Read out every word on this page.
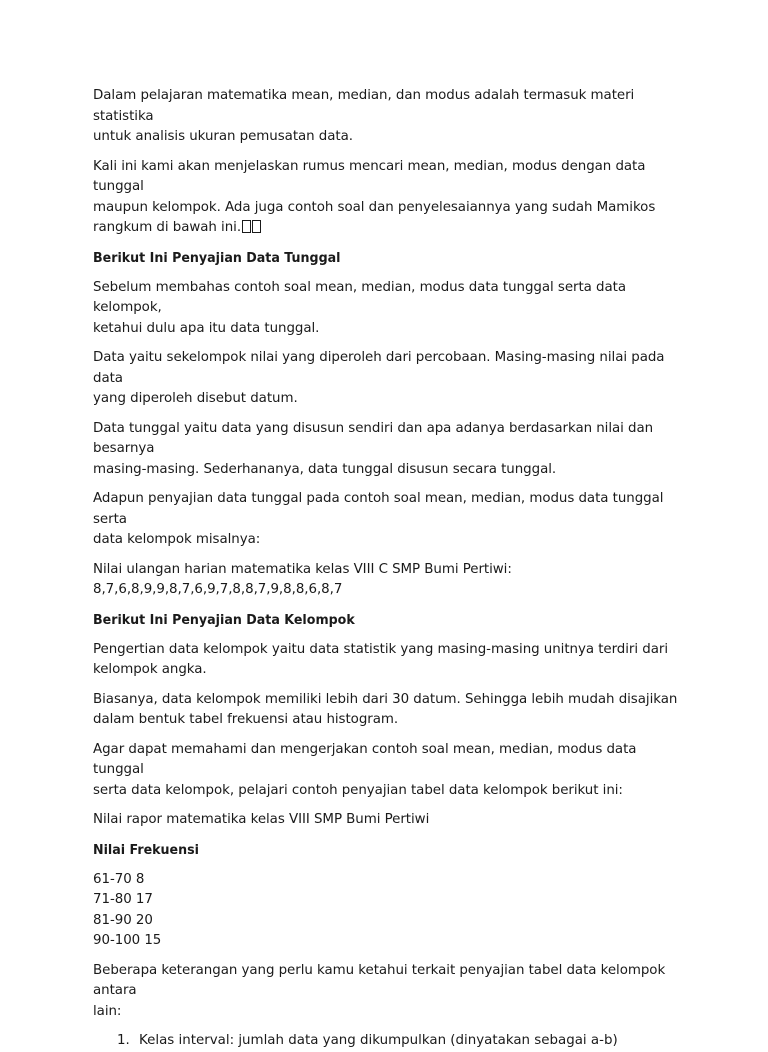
Dalam pelajaran matematika mean, median, dan modus adalah termasuk materi statistika
untuk analisis ukuran pemusatan data.

Kali ini kami akan menjelaskan rumus mencari mean, median, modus dengan data tunggal
maupun kelompok. Ada juga contoh soal dan penyelesaiannya yang sudah Mamikos
rangkum di bawah ini.

Berikut Ini Penyajian Data Tunggal

Sebelum membahas contoh soal mean, median, modus data tunggal serta data kelompok,
ketahui dulu apa itu data tunggal.

Data yaitu sekelompok nilai yang diperoleh dari percobaan. Masing-masing nilai pada data
yang diperoleh disebut datum.

Data tunggal yaitu data yang disusun sendiri dan apa adanya berdasarkan nilai dan besarnya
masing-masing. Sederhananya, data tunggal disusun secara tunggal.

Adapun penyajian data tunggal pada contoh soal mean, median, modus data tunggal serta
data kelompok misalnya:

Nilai ulangan harian matematika kelas VIII C SMP Bumi Pertiwi:
8,7,6,8,9,9,8,7,6,9,7,8,8,7,9,8,8,6,8,7

Berikut Ini Penyajian Data Kelompok

Pengertian data kelompok yaitu data statistik yang masing-masing unitnya terdiri dari
kelompok angka.

Biasanya, data kelompok memiliki lebih dari 30 datum. Sehingga lebih mudah disajikan
dalam bentuk tabel frekuensi atau histogram.

Agar dapat memahami dan mengerjakan contoh soal mean, median, modus data tunggal
serta data kelompok, pelajari contoh penyajian tabel data kelompok berikut ini:

Nilai rapor matematika kelas VIII SMP Bumi Pertiwi

Nilai Frekuensi

61-70 8
71-80 17
81-90 20
90-100 15

Beberapa keterangan yang perlu kamu ketahui terkait penyajian tabel data kelompok antara
lain:

1. Kelas interval: jumlah data yang dikumpulkan (dinyatakan sebagai a-b)
